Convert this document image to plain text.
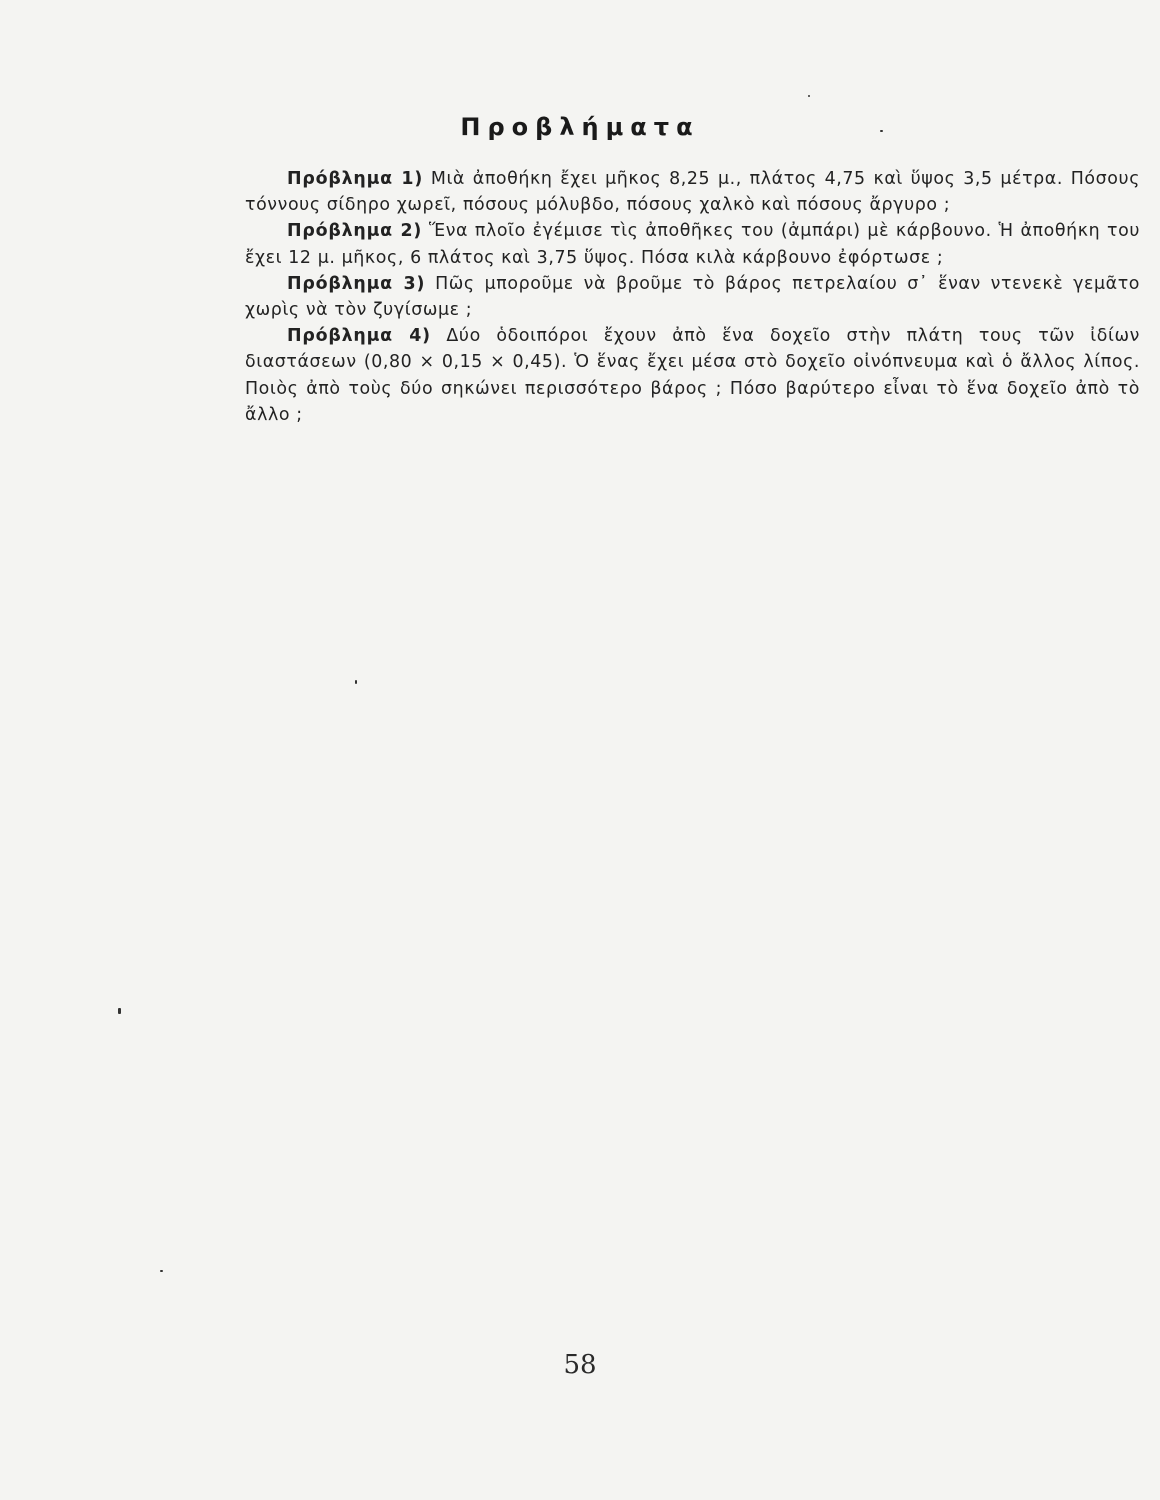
Προβλήματα

Πρόβλημα 1) Μιὰ ἀποθήκη ἔχει μῆκος 8,25 μ., πλάτος 4,75 καὶ ὕψος 3,5 μέτρα. Πόσους τόννους σίδηρο χωρεῖ, πόσους μόλυβδο, πόσους χαλκὸ καὶ πόσους ἄργυρο ;

Πρόβλημα 2) Ἕνα πλοῖο ἐγέμισε τὶς ἀποθῆκες του (ἀμπάρι) μὲ κάρβουνο. Ἡ ἀποθήκη του ἔχει 12 μ. μῆκος, 6 πλάτος καὶ 3,75 ὕψος. Πόσα κιλὰ κάρβουνο ἐφόρτωσε ;

Πρόβλημα 3) Πῶς μποροῦμε νὰ βροῦμε τὸ βάρος πετρελαίου σ᾿ ἕναν ντενεκὲ γεμᾶτο χωρὶς νὰ τὸν ζυγίσωμε ;

Πρόβλημα 4) Δύο ὁδοιπόροι ἔχουν ἀπὸ ἕνα δοχεῖο στὴν πλάτη τους τῶν ἰδίων διαστάσεων (0,80 × 0,15 × 0,45). Ὁ ἕνας ἔχει μέσα στὸ δοχεῖο οἰνόπνευμα καὶ ὁ ἄλλος λίπος. Ποιὸς ἀπὸ τοὺς δύο σηκώνει περισσότερο βάρος ; Πόσο βαρύτερο εἶναι τὸ ἕνα δοχεῖο ἀπὸ τὸ ἄλλο ;

58
